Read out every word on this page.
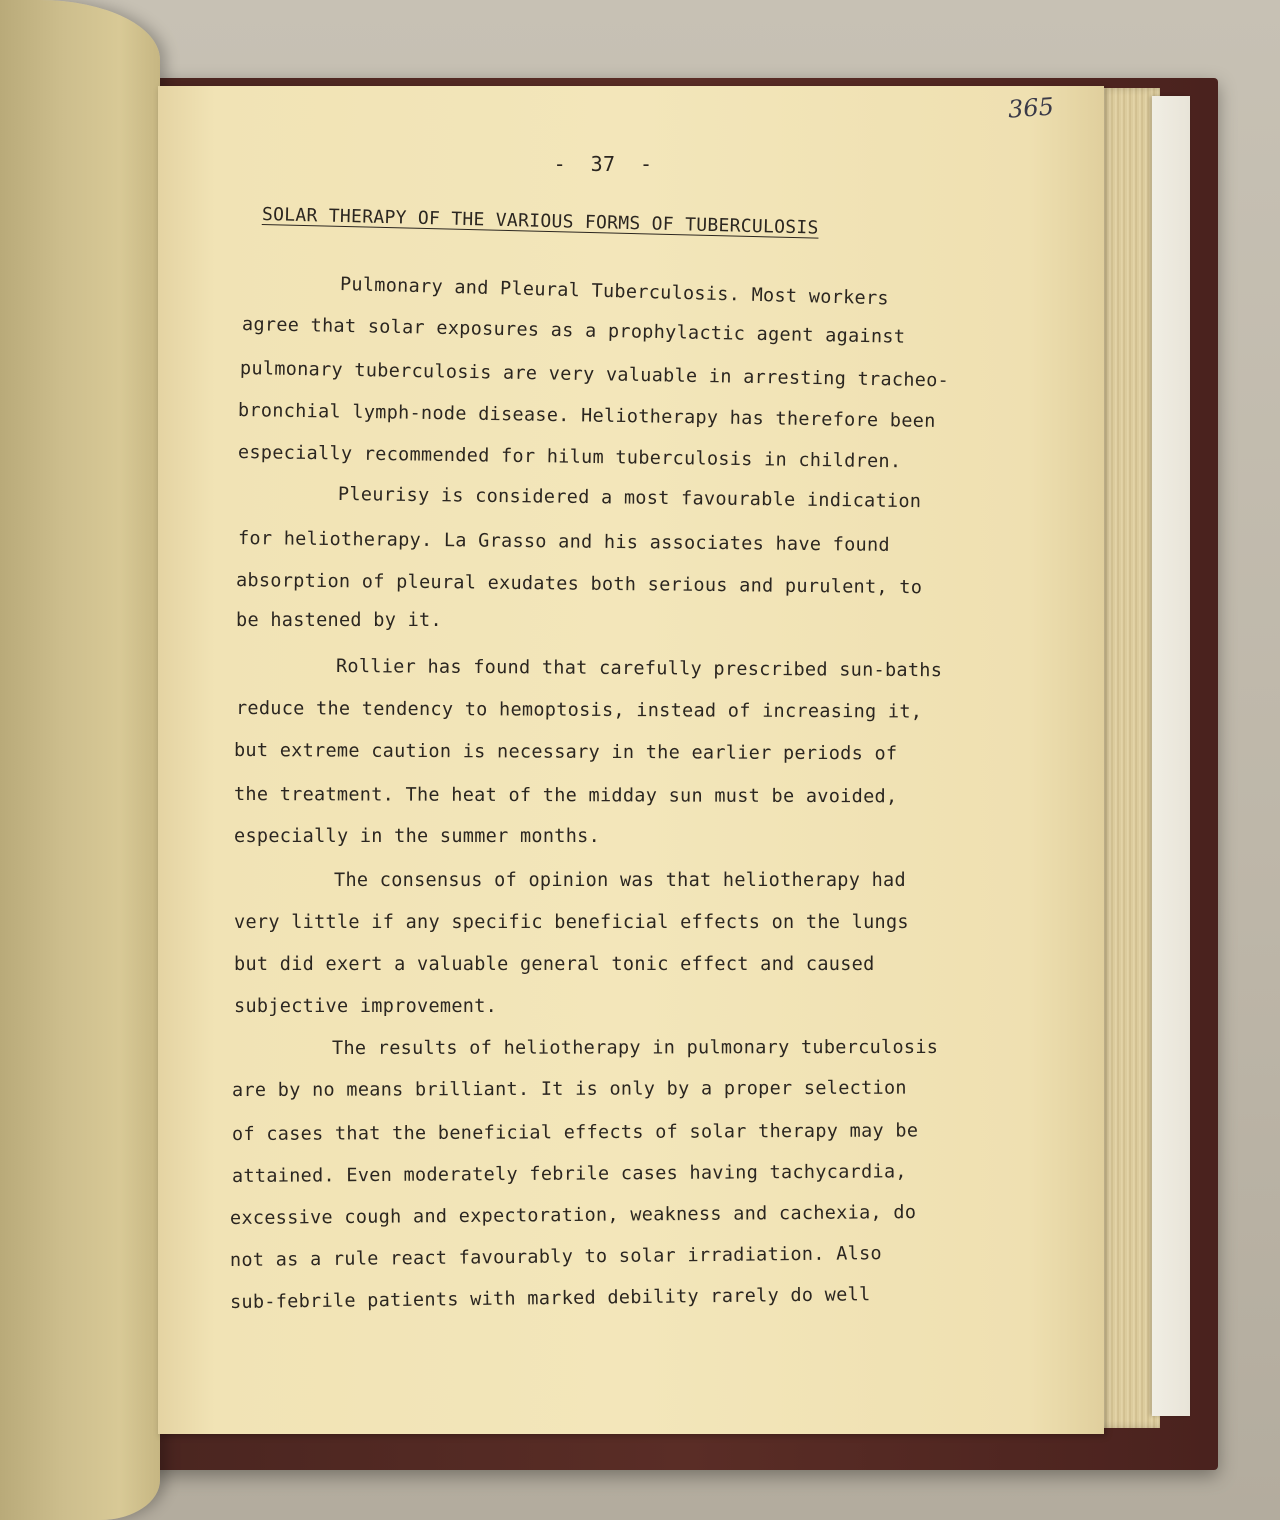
365
-  37  -
SOLAR THERAPY OF THE VARIOUS FORMS OF TUBERCULOSIS
Pulmonary and Pleural Tuberculosis. Most workers
agree that solar exposures as a prophylactic agent against
pulmonary tuberculosis are very valuable in arresting tracheo-
bronchial lymph-node disease. Heliotherapy has therefore been
especially recommended for hilum tuberculosis in children.
Pleurisy is considered a most favourable indication
for heliotherapy. La Grasso and his associates have found
absorption of pleural exudates both serious and purulent, to
be hastened by it.
Rollier has found that carefully prescribed sun-baths
reduce the tendency to hemoptosis, instead of increasing it,
but extreme caution is necessary in the earlier periods of
the treatment. The heat of the midday sun must be avoided,
especially in the summer months.
The consensus of opinion was that heliotherapy had
very little if any specific beneficial effects on the lungs
but did exert a valuable general tonic effect and caused
subjective improvement.
The results of heliotherapy in pulmonary tuberculosis
are by no means brilliant. It is only by a proper selection
of cases that the beneficial effects of solar therapy may be
attained. Even moderately febrile cases having tachycardia,
excessive cough and expectoration, weakness and cachexia, do
not as a rule react favourably to solar irradiation. Also
sub-febrile patients with marked debility rarely do well
